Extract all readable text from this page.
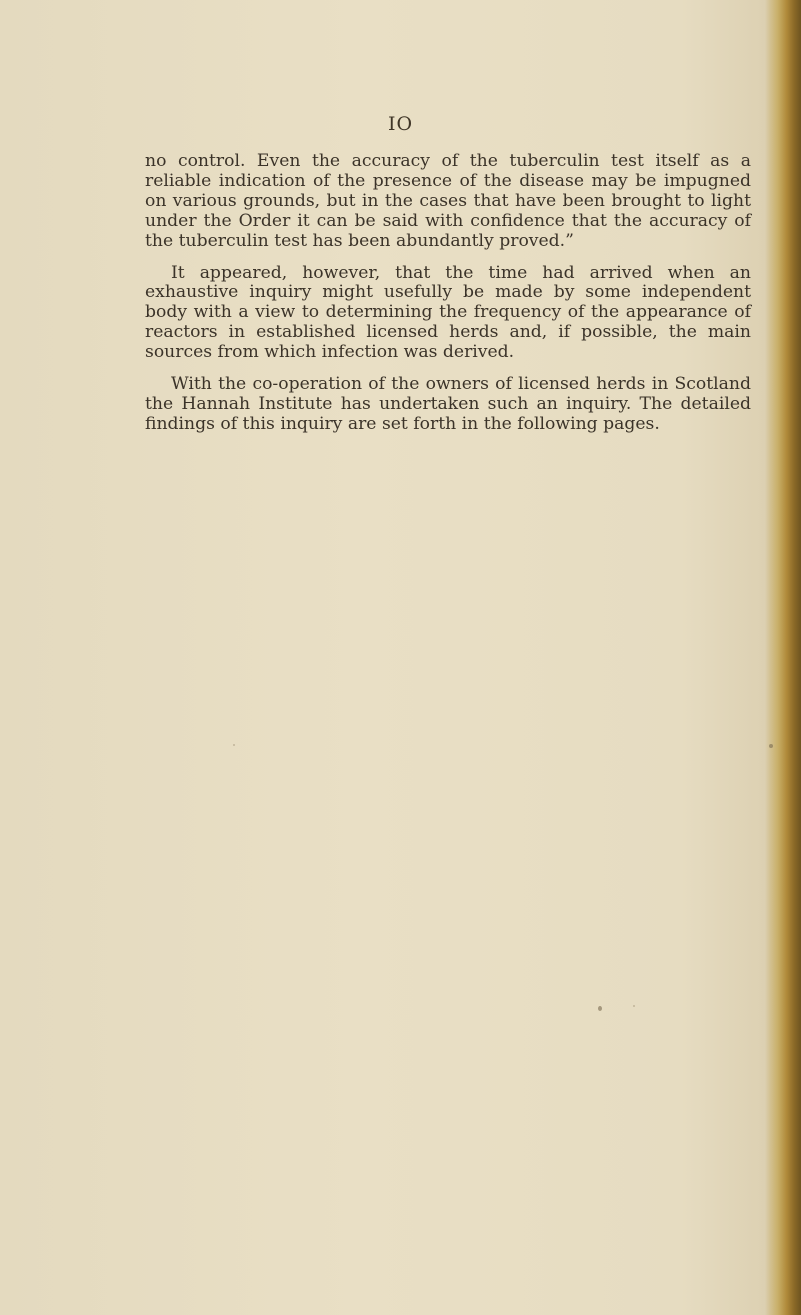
IO

no control. Even the accuracy of the tuberculin test itself as a reliable indication of the presence of the disease may be impugned on various grounds, but in the cases that have been brought to light under the Order it can be said with confidence that the accuracy of the tuberculin test has been abundantly proved.”

It appeared, however, that the time had arrived when an exhaustive inquiry might usefully be made by some independent body with a view to determining the frequency of the appearance of reactors in established licensed herds and, if possible, the main sources from which infection was derived.

With the co-operation of the owners of licensed herds in Scotland the Hannah Institute has undertaken such an inquiry. The detailed findings of this inquiry are set forth in the following pages.
